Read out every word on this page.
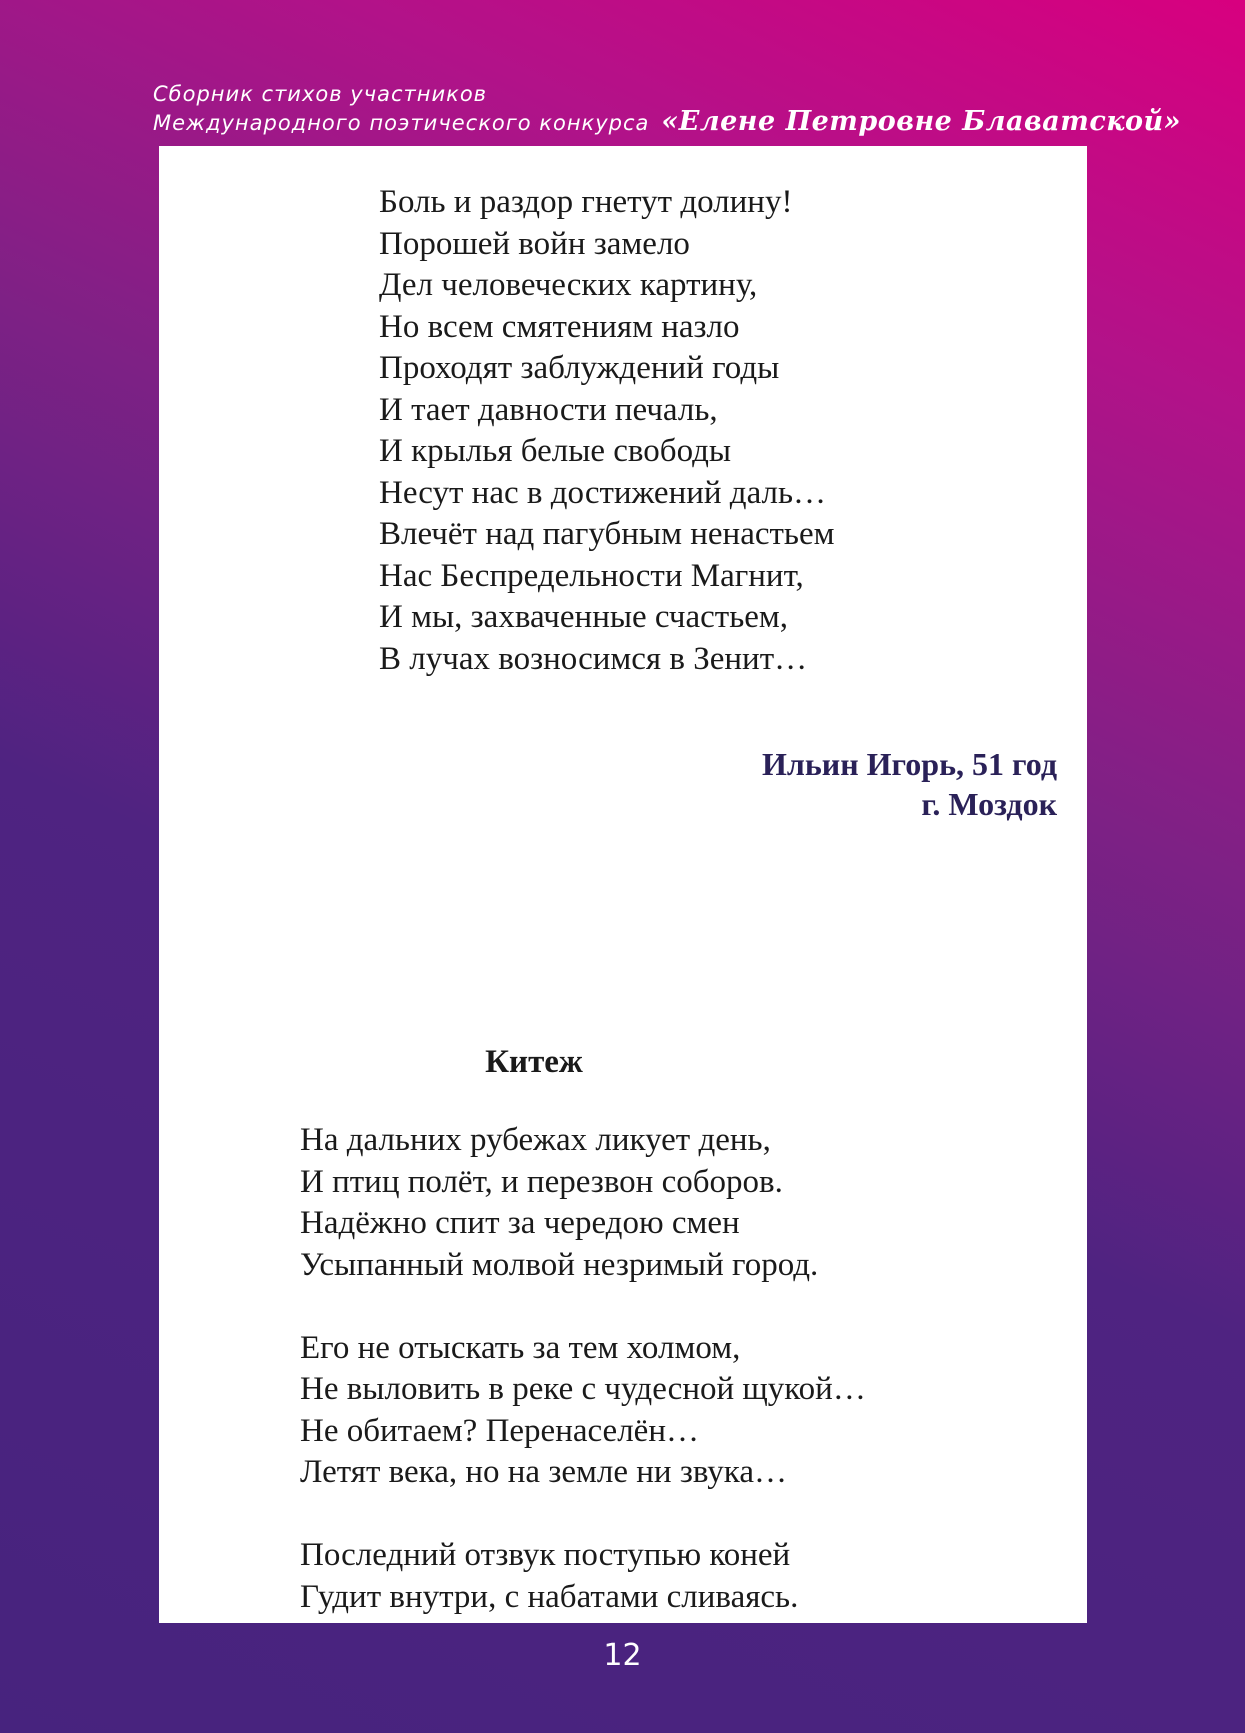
Сборник стихов участников
Международного поэтического конкурса «Елене Петровне Блаватской»
Боль и раздор гнетут долину!
Порошей войн замело
Дел человеческих картину,
Но всем смятениям назло
Проходят заблуждений годы
И тает давности печаль,
И крылья белые свободы
Несут нас в достижений даль…
Влечёт над пагубным ненастьем
Нас Беспредельности Магнит,
И мы, захваченные счастьем,
В лучах возносимся в Зенит…
Ильин Игорь, 51 год
г. Моздок
Китеж
На дальних рубежах ликует день,
И птиц полёт, и перезвон соборов.
Надёжно спит за чередою смен
Усыпанный молвой незримый город.
Его не отыскать за тем холмом,
Не выловить в реке с чудесной щукой…
Не обитаем? Перенаселён…
Летят века, но на земле ни звука…
Последний отзвук поступью коней
Гудит внутри, с набатами сливаясь.
12
